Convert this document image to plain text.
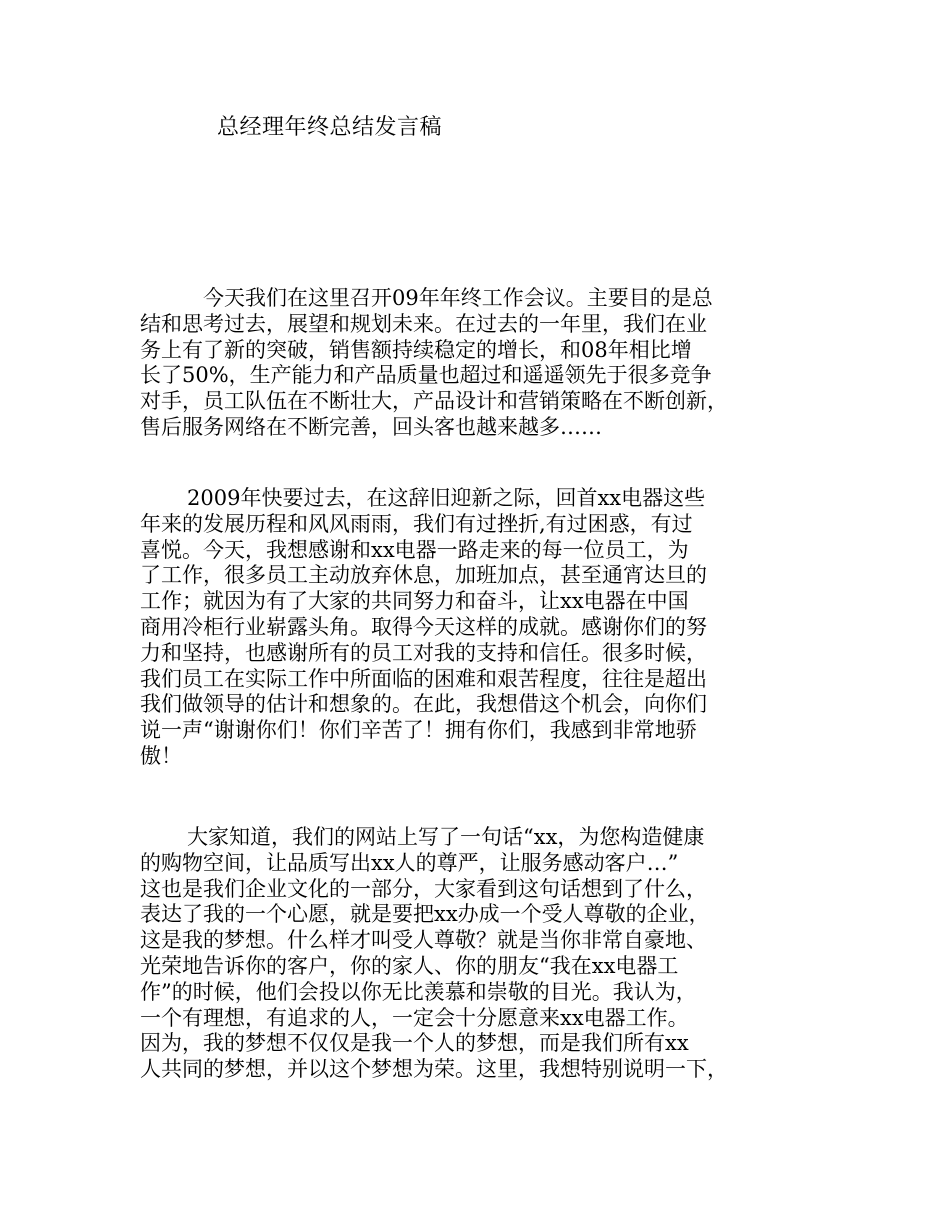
总经理年终总结发言稿
今天我们在这里召开09年年终工作会议。主要目的是总
结和思考过去，展望和规划未来。在过去的一年里，我们在业
务上有了新的突破，销售额持续稳定的增长，和08年相比增
长了50%，生产能力和产品质量也超过和遥遥领先于很多竞争
对手，员工队伍在不断壮大，产品设计和营销策略在不断创新，
售后服务网络在不断完善，回头客也越来越多……
2009年快要过去，在这辞旧迎新之际，回首xx电器这些
年来的发展历程和风风雨雨，我们有过挫折,有过困惑，有过
喜悦。今天，我想感谢和xx电器一路走来的每一位员工，为
了工作，很多员工主动放弃休息，加班加点，甚至通宵达旦的
工作；就因为有了大家的共同努力和奋斗，让xx电器在中国
商用冷柜行业崭露头角。取得今天这样的成就。感谢你们的努
力和坚持，也感谢所有的员工对我的支持和信任。很多时候，
我们员工在实际工作中所面临的困难和艰苦程度，往往是超出
我们做领导的估计和想象的。在此，我想借这个机会，向你们
说一声“谢谢你们！你们辛苦了！拥有你们，我感到非常地骄
傲！
大家知道，我们的网站上写了一句话“xx，为您构造健康
的购物空间，让品质写出xx人的尊严，让服务感动客户…”
这也是我们企业文化的一部分，大家看到这句话想到了什么，
表达了我的一个心愿，就是要把xx办成一个受人尊敬的企业，
这是我的梦想。什么样才叫受人尊敬？就是当你非常自豪地、
光荣地告诉你的客户，你的家人、你的朋友“我在xx电器工
作”的时候，他们会投以你无比羡慕和崇敬的目光。我认为，
一个有理想，有追求的人，一定会十分愿意来xx电器工作。
因为，我的梦想不仅仅是我一个人的梦想，而是我们所有xx
人共同的梦想，并以这个梦想为荣。这里，我想特别说明一下，
